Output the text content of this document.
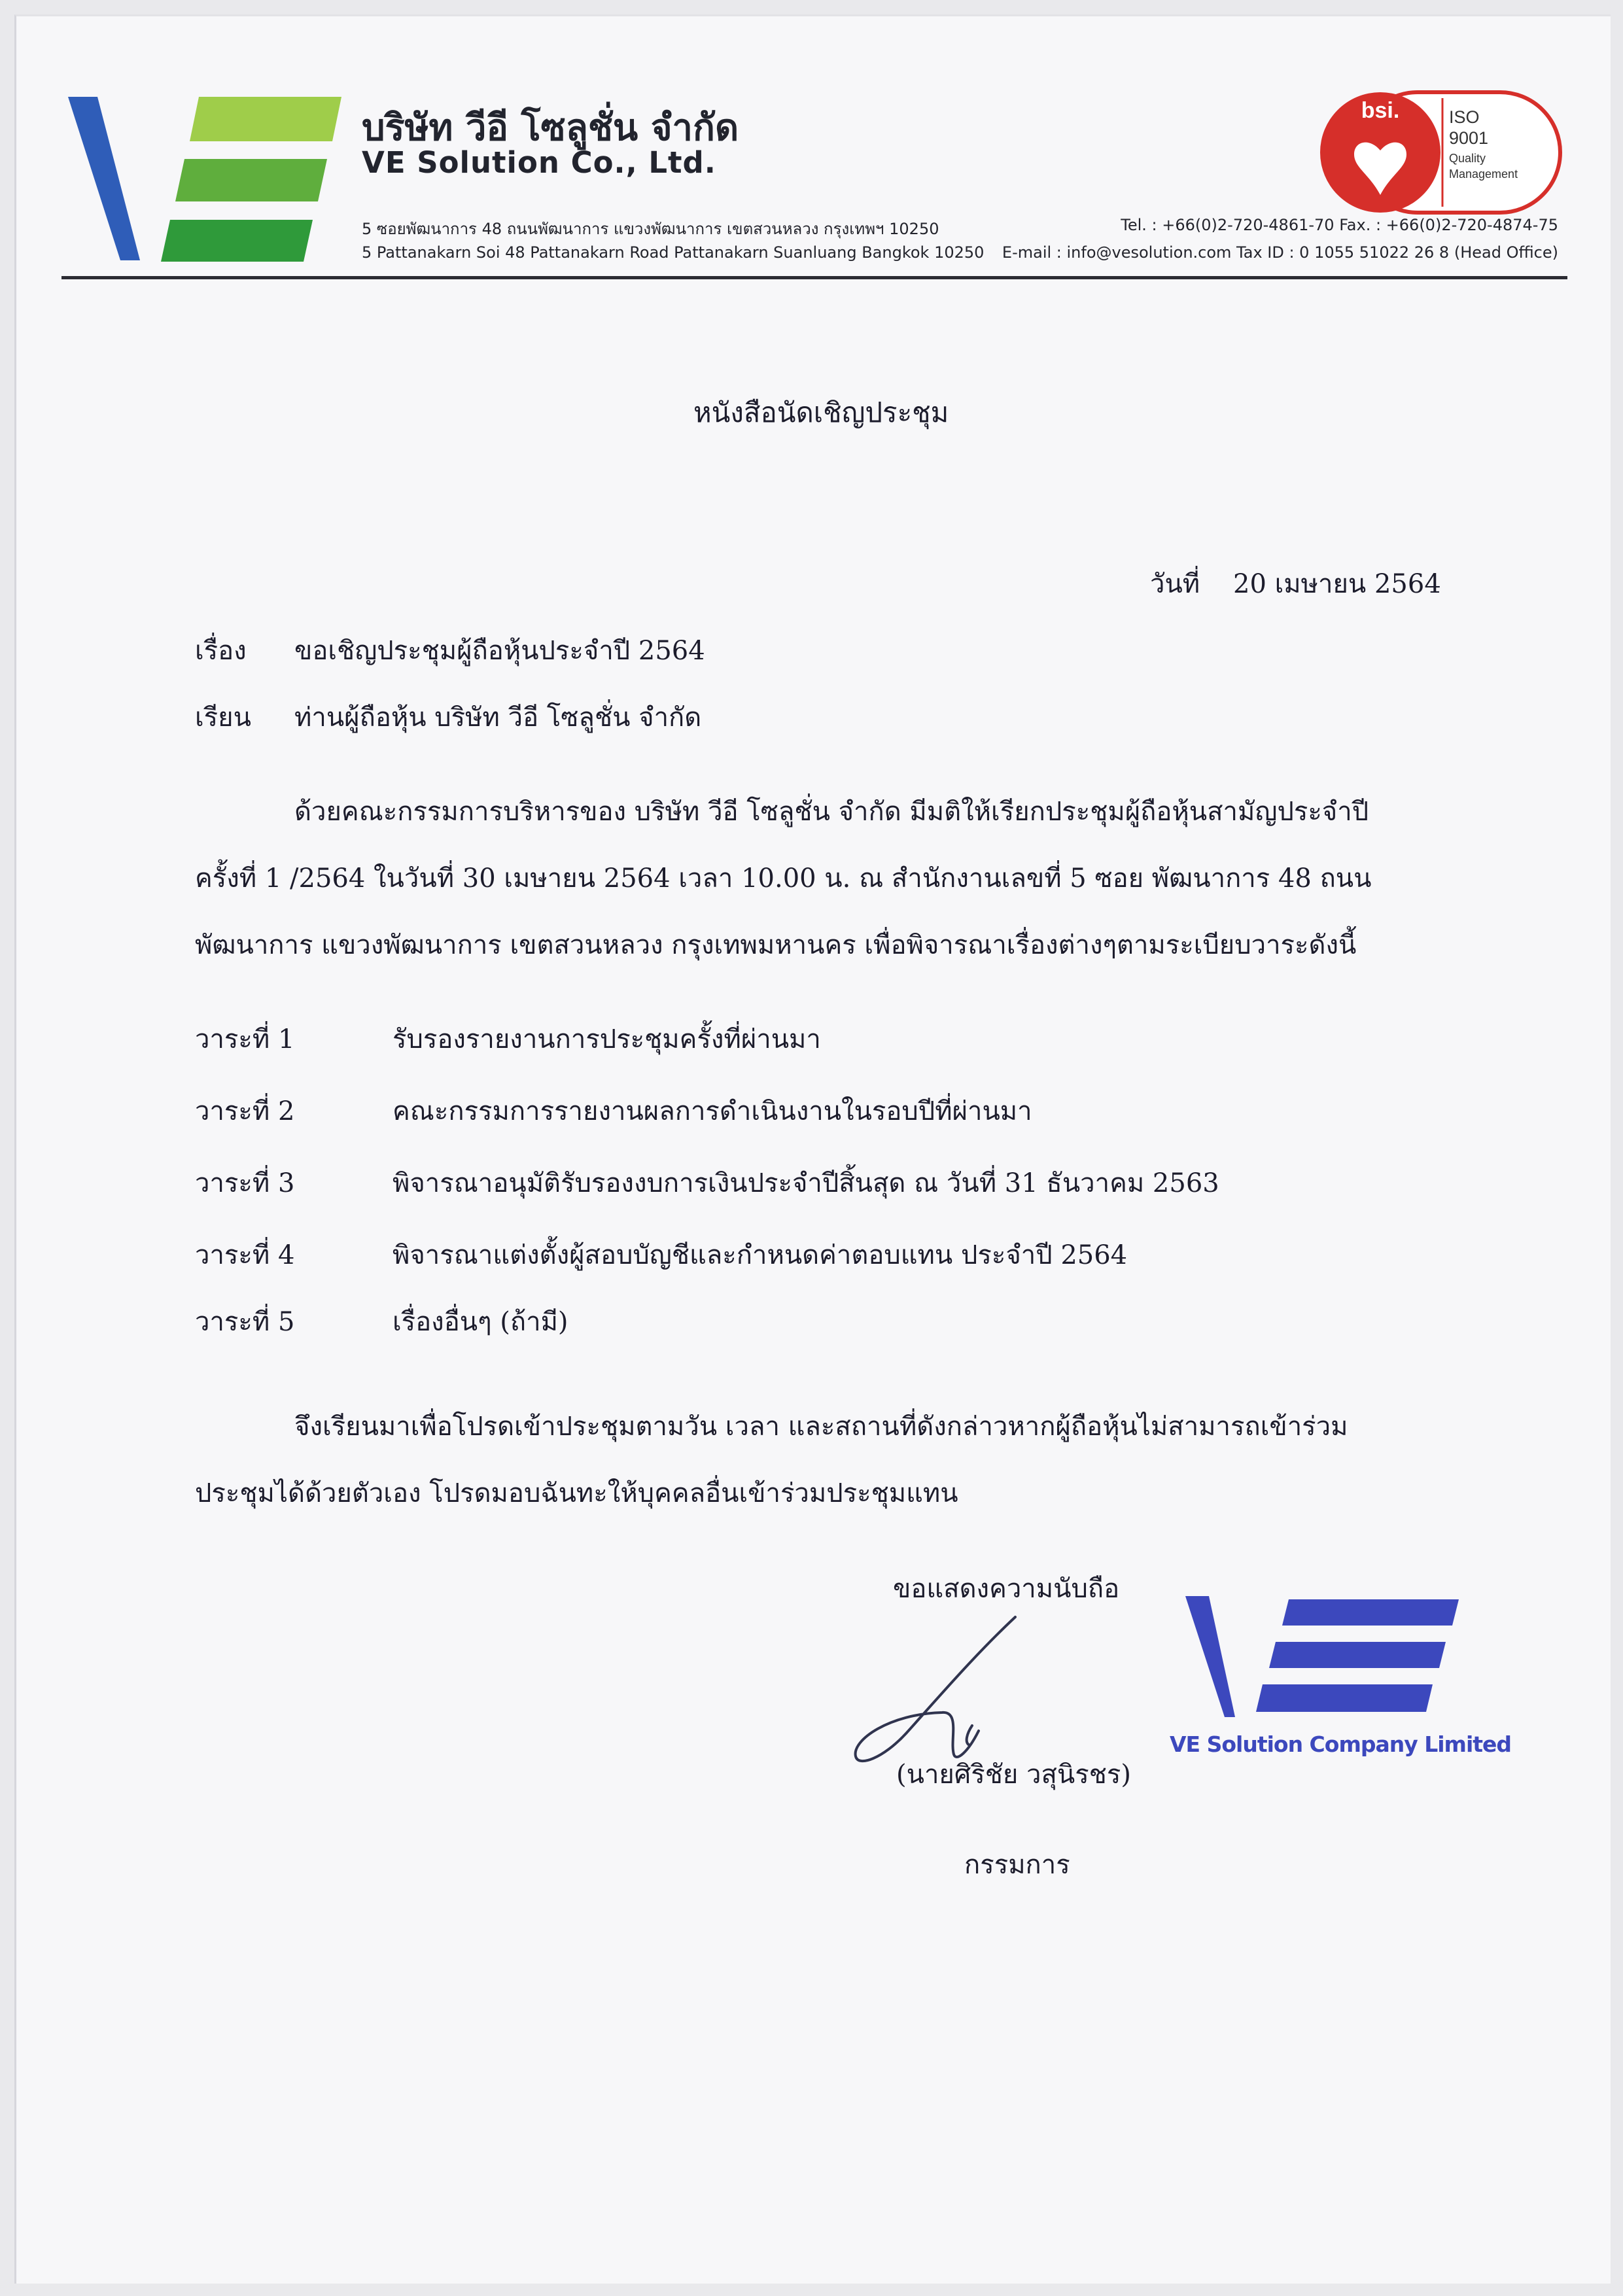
บริษัท วีอี โซลูชั่น จำกัด
VE Solution Co., Ltd.
5 ซอยพัฒนาการ 48 ถนนพัฒนาการ แขวงพัฒนาการ เขตสวนหลวง กรุงเทพฯ 10250
5 Pattanakarn Soi 48 Pattanakarn Road Pattanakarn Suanluang Bangkok 10250
Tel. : +66(0)2-720-4861-70 Fax. : +66(0)2-720-4874-75
E-mail : info@vesolution.com Tax ID : 0 1055 51022 26 8 (Head Office)
bsi.	ISO
9001
Quality
Management
หนังสือนัดเชิญประชุม
วันที่ 20 เมษายน 2564
เรื่อง ขอเชิญประชุมผู้ถือหุ้นประจำปี 2564
เรียน ท่านผู้ถือหุ้น บริษัท วีอี โซลูชั่น จำกัด
ด้วยคณะกรรมการบริหารของ บริษัท วีอี โซลูชั่น จำกัด มีมติให้เรียกประชุมผู้ถือหุ้นสามัญประจำปี
ครั้งที่ 1 /2564 ในวันที่ 30 เมษายน 2564 เวลา 10.00 น. ณ สำนักงานเลขที่ 5 ซอย พัฒนาการ 48 ถนน
พัฒนาการ แขวงพัฒนาการ เขตสวนหลวง กรุงเทพมหานคร เพื่อพิจารณาเรื่องต่างๆตามระเบียบวาระดังนี้
วาระที่ 1	รับรองรายงานการประชุมครั้งที่ผ่านมา
วาระที่ 2	คณะกรรมการรายงานผลการดำเนินงานในรอบปีที่ผ่านมา
วาระที่ 3	พิจารณาอนุมัติรับรองงบการเงินประจำปีสิ้นสุด ณ วันที่ 31 ธันวาคม 2563
วาระที่ 4	พิจารณาแต่งตั้งผู้สอบบัญชีและกำหนดค่าตอบแทน ประจำปี 2564
วาระที่ 5	เรื่องอื่นๆ (ถ้ามี)
จึงเรียนมาเพื่อโปรดเข้าประชุมตามวัน เวลา และสถานที่ดังกล่าวหากผู้ถือหุ้นไม่สามารถเข้าร่วม
ประชุมได้ด้วยตัวเอง โปรดมอบฉันทะให้บุคคลอื่นเข้าร่วมประชุมแทน
ขอแสดงความนับถือ
VE Solution Company Limited
(นายศิริชัย วสุนิรชร)
กรรมการ
